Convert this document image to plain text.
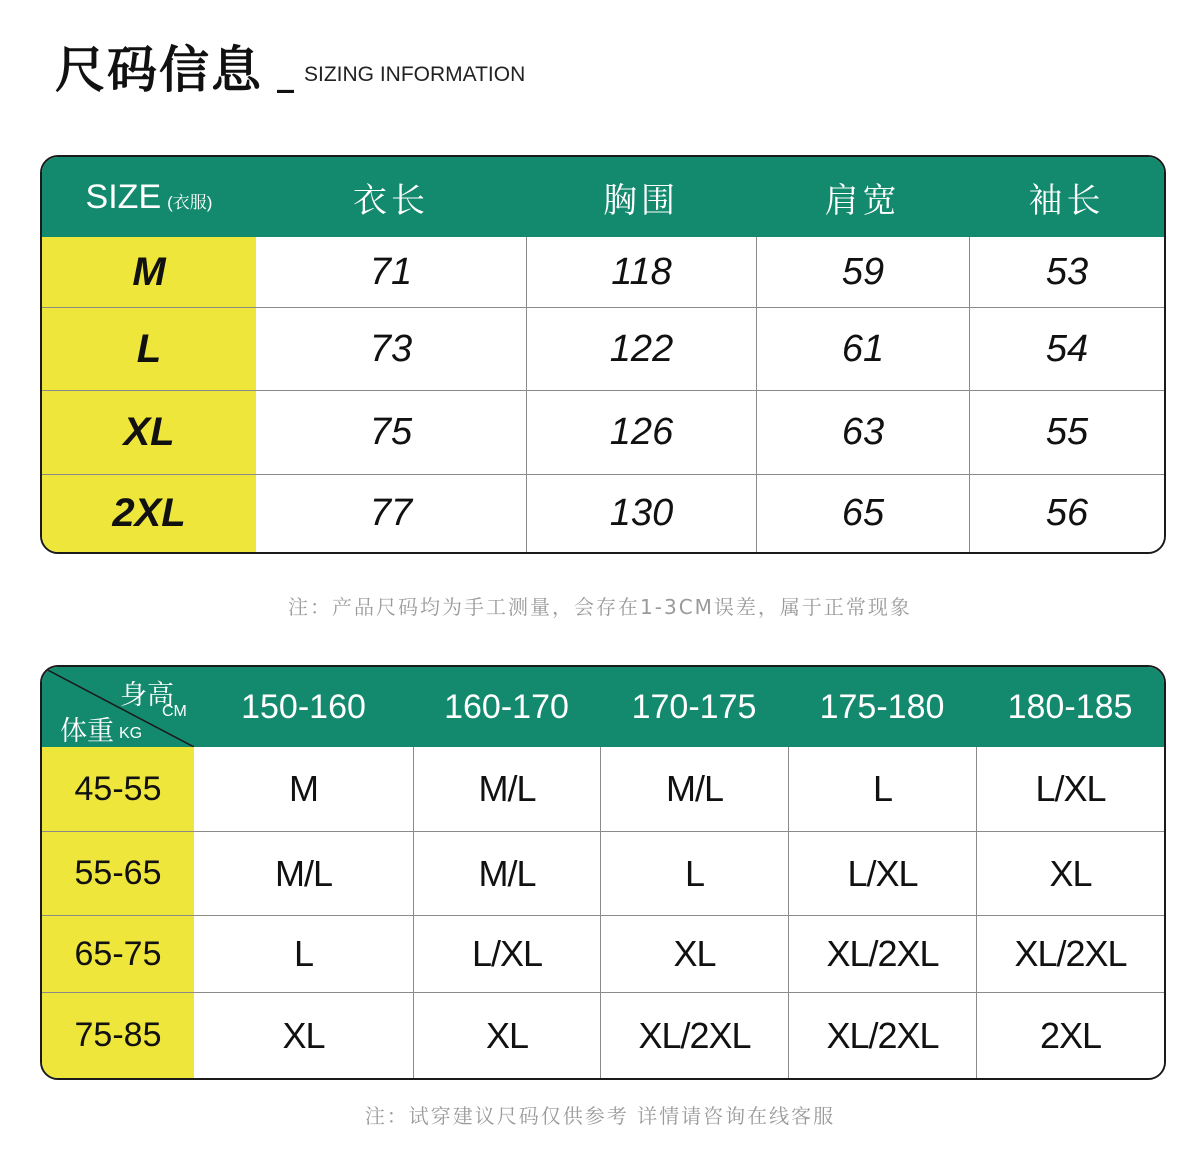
尺码信息 _ SIZING INFORMATION
SIZE (衣服)	衣长	胸围	肩宽	袖长
M	71	118	59	53
L	73	122	61	54
XL	75	126	63	55
2XL	77	130	65	56
注：产品尺码均为手工测量，会存在1-3CM误差，属于正常现象
身高
CM
体重 KG
150-160	160-170	170-175	175-180	180-185
45-55	M	M/L	M/L	L	L/XL
55-65	M/L	M/L	L	L/XL	XL
65-75	L	L/XL	XL	XL/2XL	XL/2XL
75-85	XL	XL	XL/2XL	XL/2XL	2XL
注：试穿建议尺码仅供参考 详情请咨询在线客服
